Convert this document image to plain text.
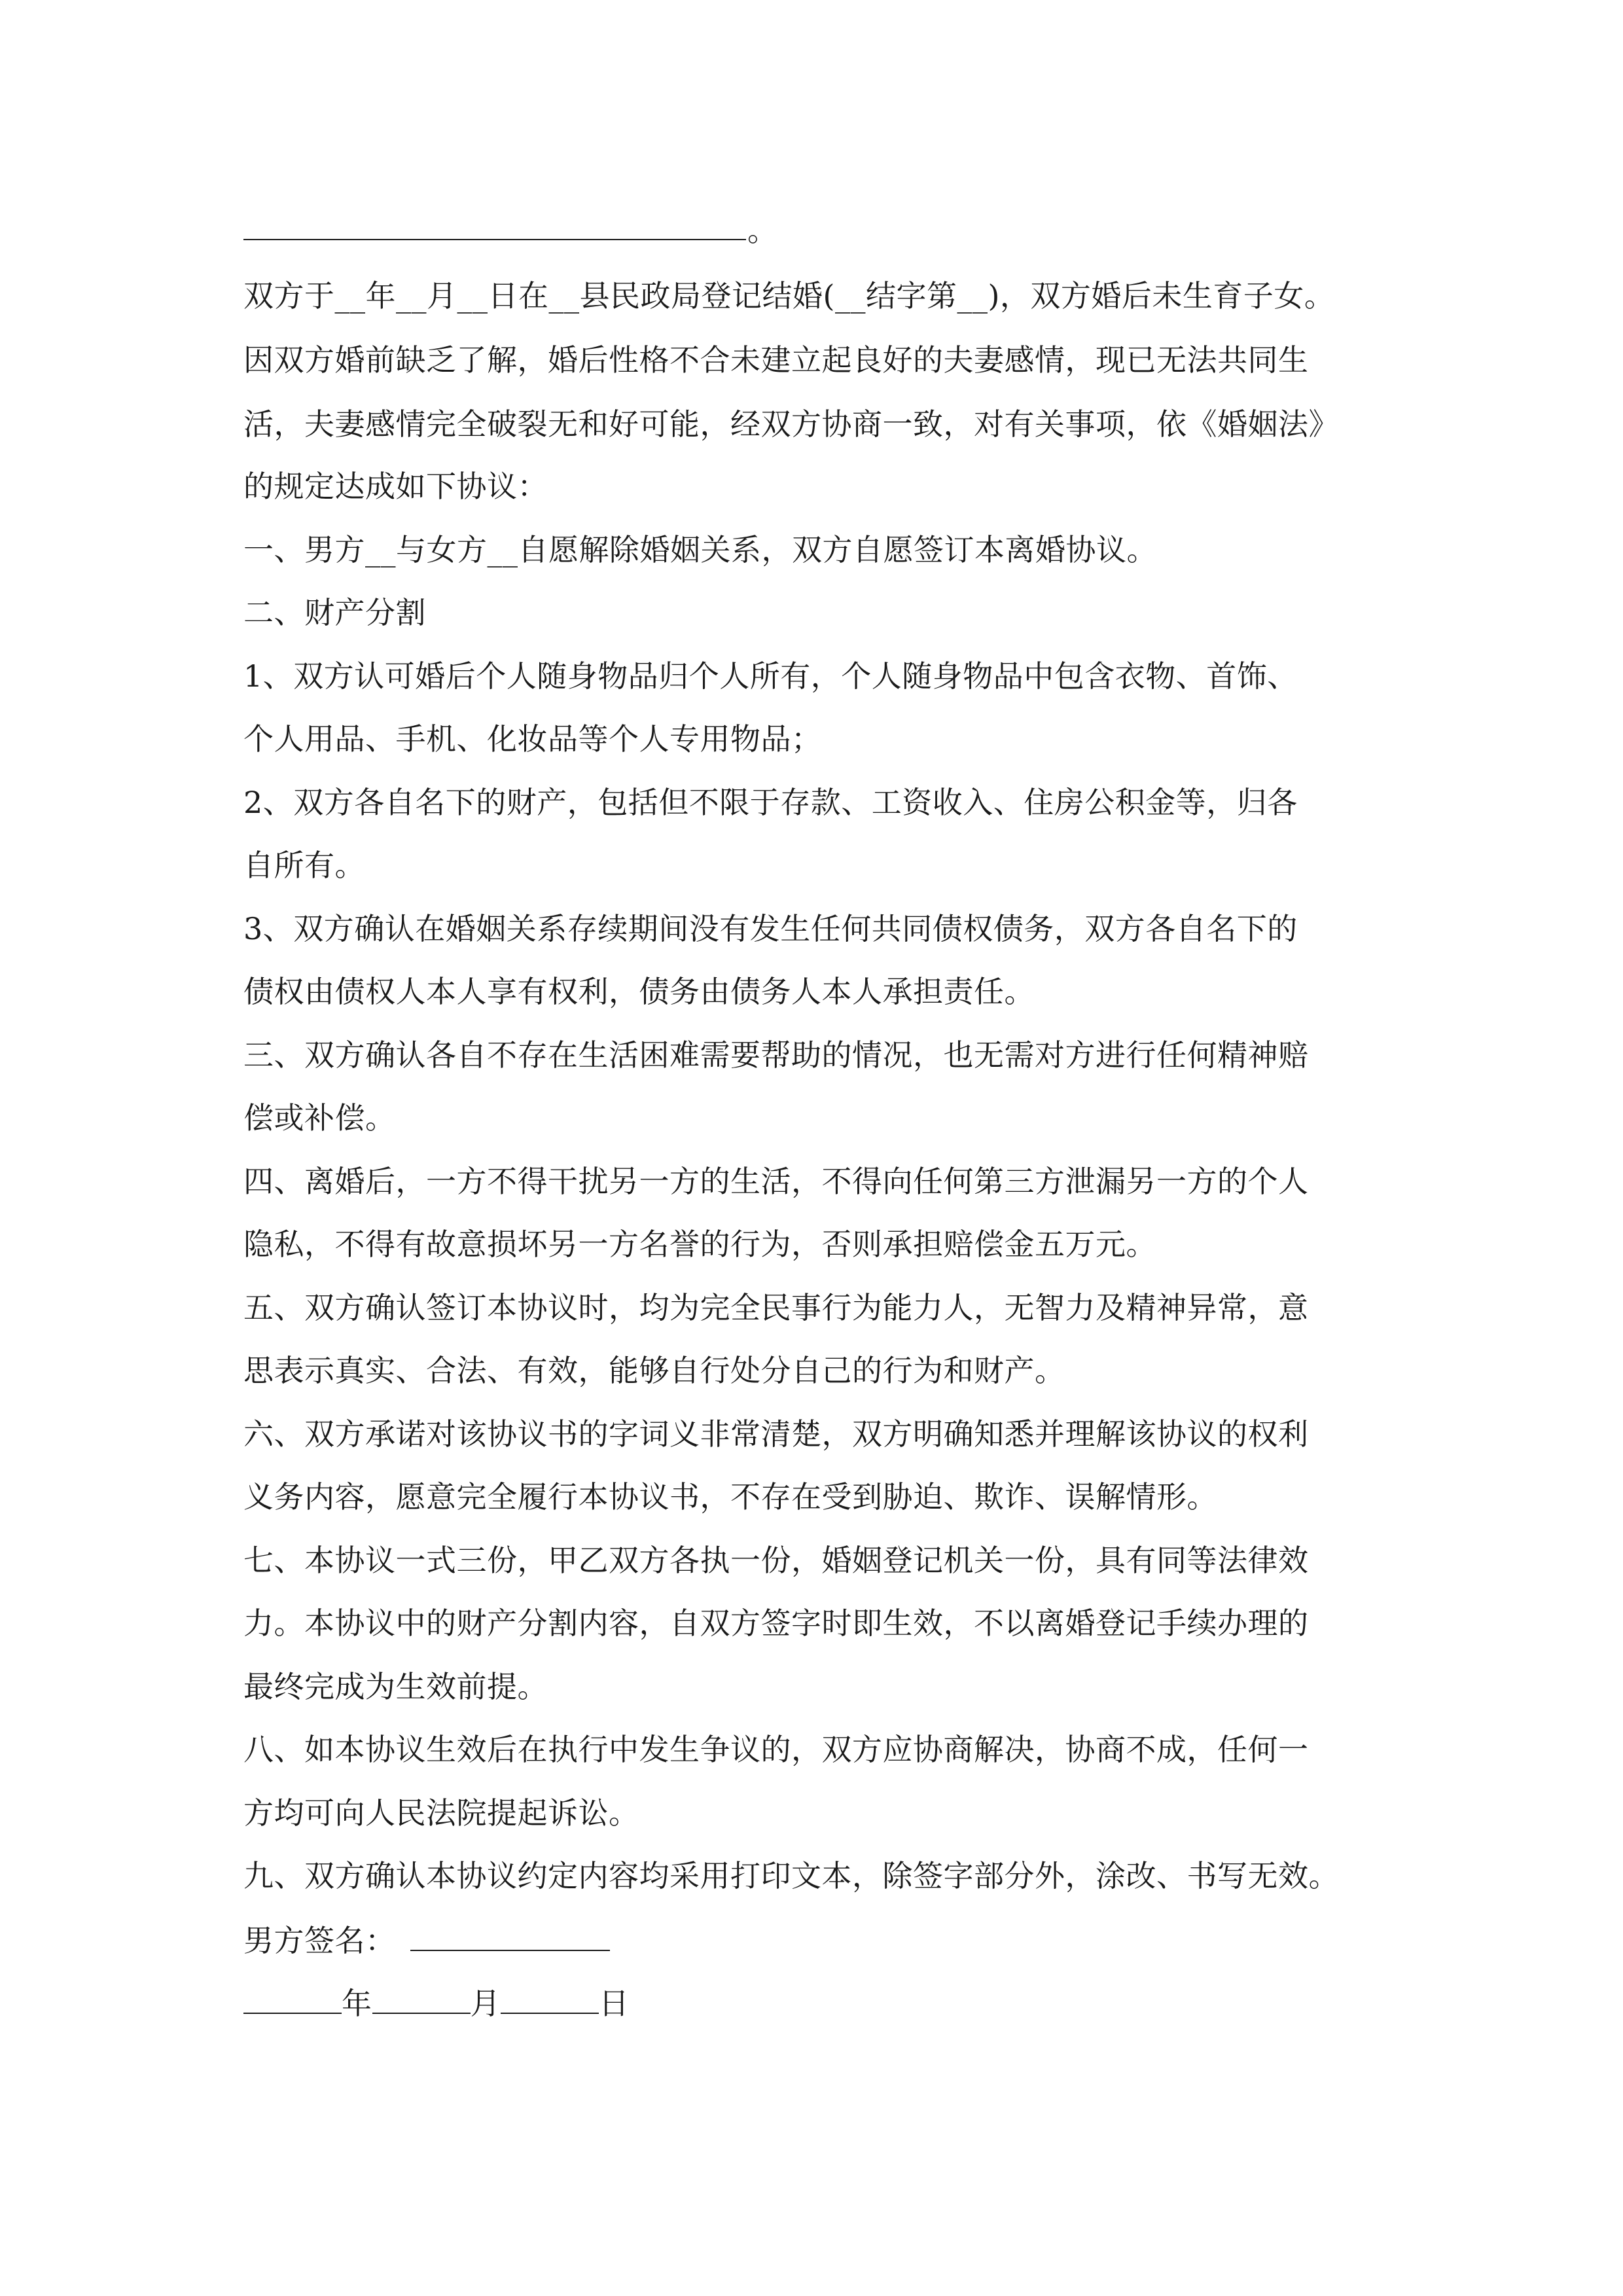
。
双方于__年__月__日在__县民政局登记结婚(__结字第__)，双方婚后未生育子女。
因双方婚前缺乏了解，婚后性格不合未建立起良好的夫妻感情，现已无法共同生
活，夫妻感情完全破裂无和好可能，经双方协商一致，对有关事项，依《婚姻法》
的规定达成如下协议：
一、男方__与女方__自愿解除婚姻关系，双方自愿签订本离婚协议。
二、财产分割
1、双方认可婚后个人随身物品归个人所有，个人随身物品中包含衣物、首饰、
个人用品、手机、化妆品等个人专用物品；
2、双方各自名下的财产，包括但不限于存款、工资收入、住房公积金等，归各
自所有。
3、双方确认在婚姻关系存续期间没有发生任何共同债权债务，双方各自名下的
债权由债权人本人享有权利，债务由债务人本人承担责任。
三、双方确认各自不存在生活困难需要帮助的情况，也无需对方进行任何精神赔
偿或补偿。
四、离婚后，一方不得干扰另一方的生活，不得向任何第三方泄漏另一方的个人
隐私，不得有故意损坏另一方名誉的行为，否则承担赔偿金五万元。
五、双方确认签订本协议时，均为完全民事行为能力人，无智力及精神异常，意
思表示真实、合法、有效，能够自行处分自己的行为和财产。
六、双方承诺对该协议书的字词义非常清楚，双方明确知悉并理解该协议的权利
义务内容，愿意完全履行本协议书，不存在受到胁迫、欺诈、误解情形。
七、本协议一式三份，甲乙双方各执一份，婚姻登记机关一份，具有同等法律效
力。本协议中的财产分割内容，自双方签字时即生效，不以离婚登记手续办理的
最终完成为生效前提。
八、如本协议生效后在执行中发生争议的，双方应协商解决，协商不成，任何一
方均可向人民法院提起诉讼。
九、双方确认本协议约定内容均采用打印文本，除签字部分外，涂改、书写无效。
男方签名：
年	月	日
